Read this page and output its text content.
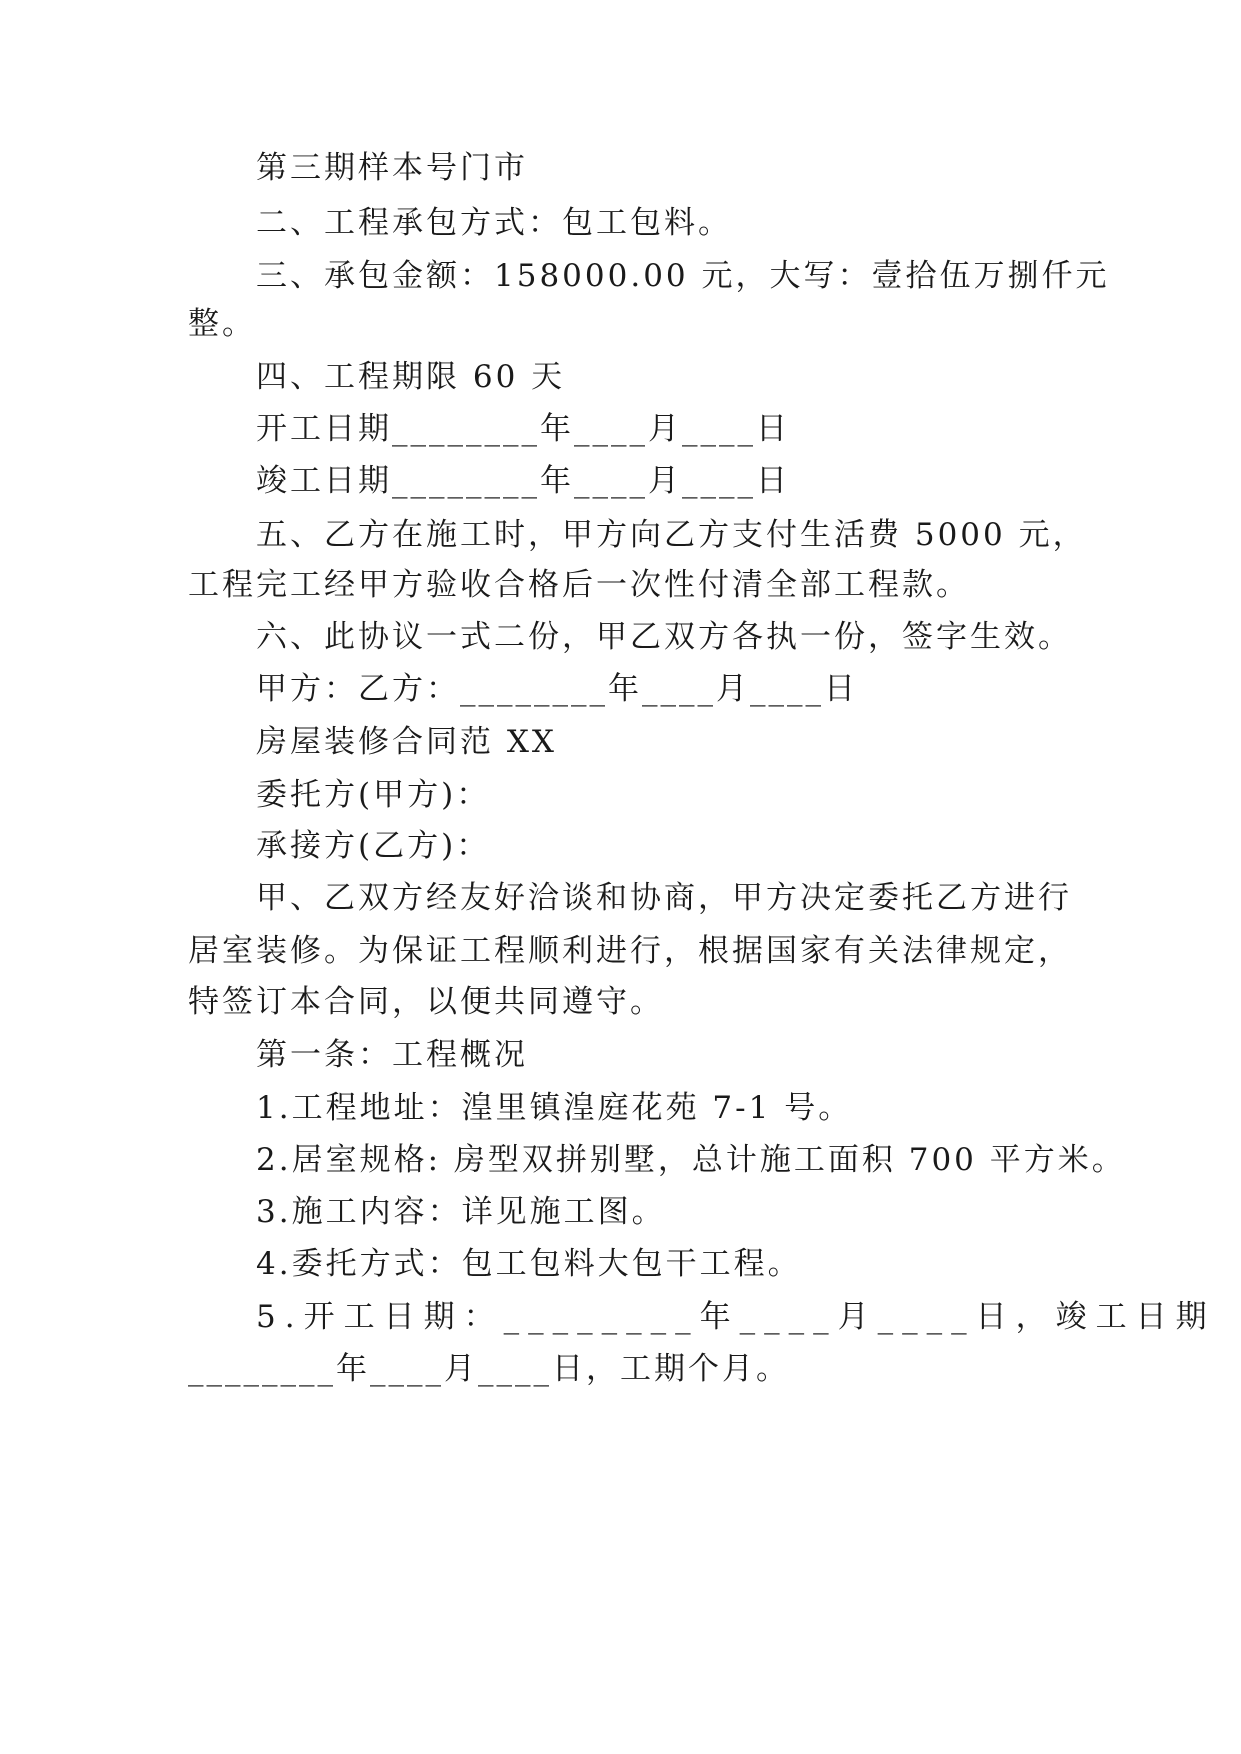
第三期样本号门市
二、工程承包方式：包工包料。
三、承包金额：158000.00 元，大写：壹拾伍万捌仟元
整。
四、工程期限 60 天
开工日期________年____月____日
竣工日期________年____月____日
五、乙方在施工时，甲方向乙方支付生活费 5000 元，
工程完工经甲方验收合格后一次性付清全部工程款。
六、此协议一式二份，甲乙双方各执一份，签字生效。
甲方：乙方：________年____月____日
房屋装修合同范 XX
委托方(甲方)：
承接方(乙方)：
甲、乙双方经友好洽谈和协商，甲方决定委托乙方进行
居室装修。为保证工程顺利进行，根据国家有关法律规定，
特签订本合同，以便共同遵守。
第一条：工程概况
1.工程地址：湟里镇湟庭花苑 7-1 号。
2.居室规格: 房型双拼别墅，总计施工面积 700 平方米。
3.施工内容：详见施工图。
4.委托方式：包工包料大包干工程。
5.开工日期：________年____月____日，竣工日期
________年____月____日，工期个月。
